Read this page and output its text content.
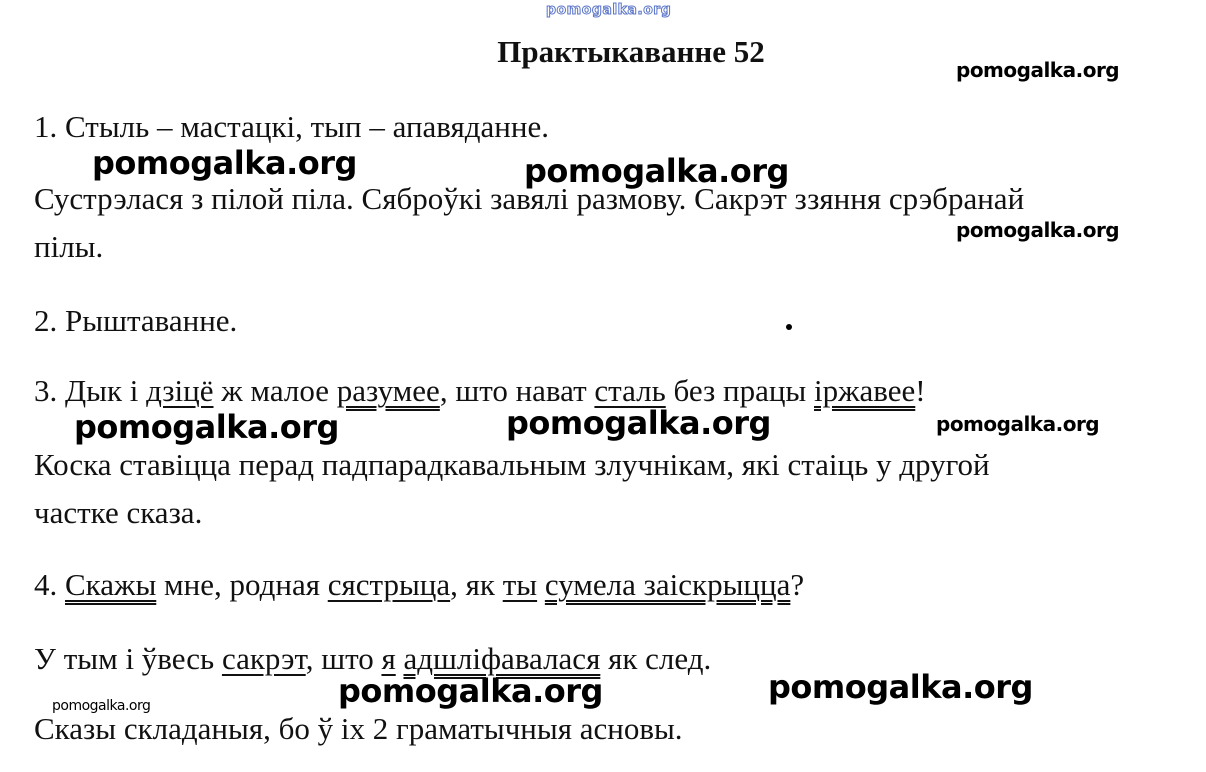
pomogalka.org
Практыкаванне 52
1. Стыль – мастацкі, тып – апавяданне.
Сустрэлася з пілой піла. Сяброўкі завялі размову. Сакрэт ззяння срэбранай
пілы.
2. Рыштаванне.
3. Дык і дзіцё ж малое разумее, што нават сталь без працы іржавее!
Коска ставіцца перад падпарадкавальным злучнікам, які стаіць у другой
частке сказа.
4. Скажы мне, родная сястрыца, як ты сумела заіскрыцца?
У тым і ўвесь сакрэт, што я адшліфавалася як след.
Сказы складаныя, бо ў іх 2 граматычныя асновы.
pomogalka.org
pomogalka.org	pomogalka.org
pomogalka.org
pomogalka.org	pomogalka.org	pomogalka.org
pomogalka.org	pomogalka.org
pomogalka.org
